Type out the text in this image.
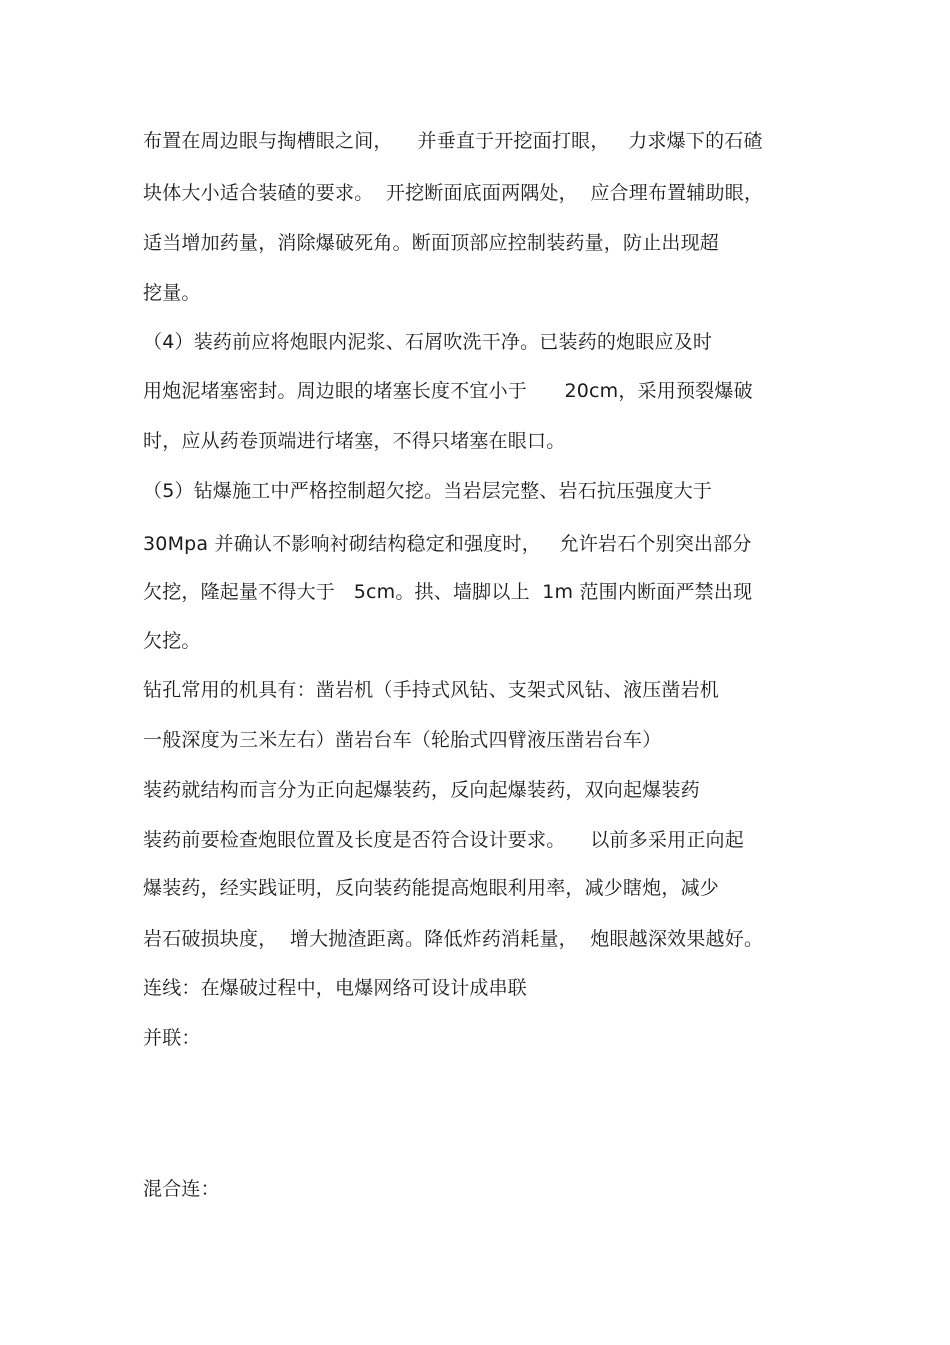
布置在周边眼与掏槽眼之间，    并垂直于开挖面打眼，   力求爆下的石碴
块体大小适合装碴的要求。  开挖断面底面两隅处，  应合理布置辅助眼，
适当增加药量，消除爆破死角。断面顶部应控制装药量，防止出现超
挖量。
（4）装药前应将炮眼内泥浆、石屑吹洗干净。已装药的炮眼应及时
用炮泥堵塞密封。周边眼的堵塞长度不宜小于      20cm，采用预裂爆破
时，应从药卷顶端进行堵塞，不得只堵塞在眼口。
（5）钻爆施工中严格控制超欠挖。当岩层完整、岩石抗压强度大于
30Mpa 并确认不影响衬砌结构稳定和强度时，   允许岩石个别突出部分
欠挖，隆起量不得大于   5cm。拱、墙脚以上  1m 范围内断面严禁出现
欠挖。
钻孔常用的机具有：凿岩机（手持式风钻、支架式风钻、液压凿岩机
一般深度为三米左右）凿岩台车（轮胎式四臂液压凿岩台车）
装药就结构而言分为正向起爆装药，反向起爆装药，双向起爆装药
装药前要检查炮眼位置及长度是否符合设计要求。    以前多采用正向起
爆装药，经实践证明，反向装药能提高炮眼利用率，减少瞎炮，减少
岩石破损块度，  增大抛渣距离。降低炸药消耗量，  炮眼越深效果越好。
连线：在爆破过程中，电爆网络可设计成串联
并联：
混合连：
